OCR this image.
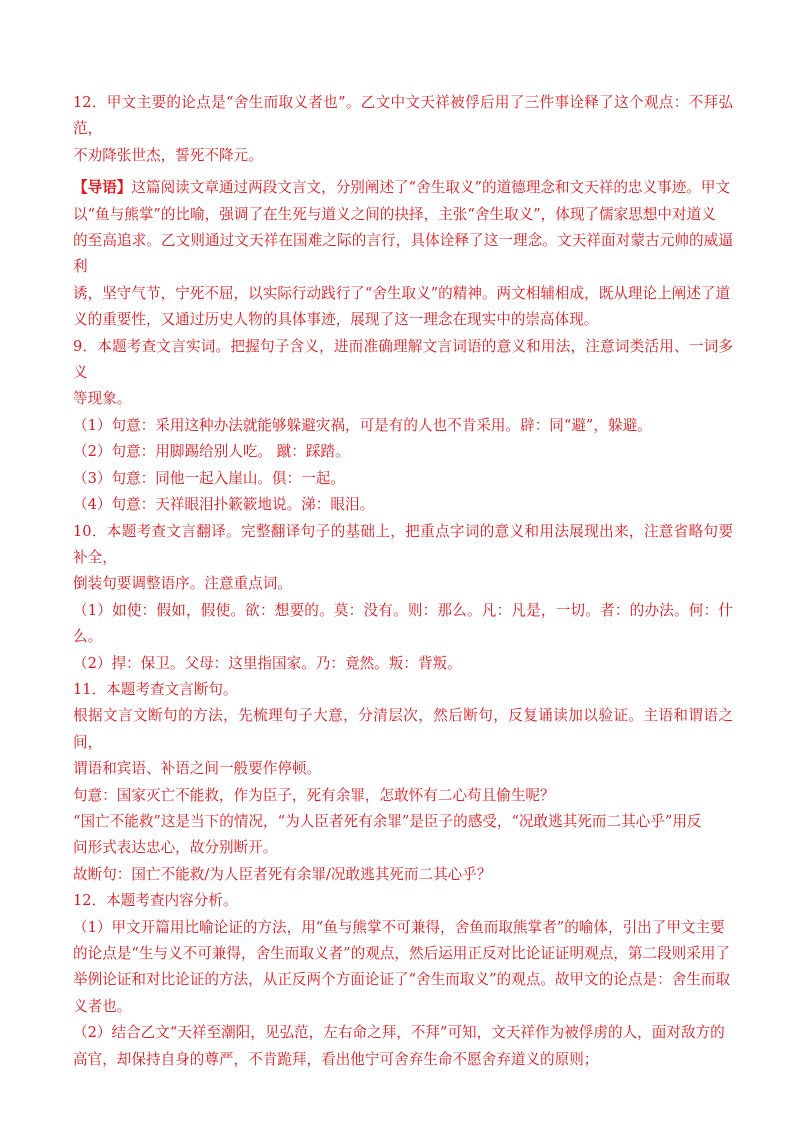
12．甲文主要的论点是“舍生而取义者也”。乙文中文天祥被俘后用了三件事诠释了这个观点：不拜弘范，
不劝降张世杰，誓死不降元。

【导语】这篇阅读文章通过两段文言文，分别阐述了“舍生取义”的道德理念和文天祥的忠义事迹。甲文
以“鱼与熊掌”的比喻，强调了在生死与道义之间的抉择，主张“舍生取义”，体现了儒家思想中对道义
的至高追求。乙文则通过文天祥在国难之际的言行，具体诠释了这一理念。文天祥面对蒙古元帅的威逼利
诱，坚守气节，宁死不屈，以实际行动践行了“舍生取义”的精神。两文相辅相成，既从理论上阐述了道
义的重要性，又通过历史人物的具体事迹，展现了这一理念在现实中的崇高体现。

9．本题考查文言实词。把握句子含义，进而准确理解文言词语的意义和用法，注意词类活用、一词多义
等现象。

（1）句意：采用这种办法就能够躲避灾祸，可是有的人也不肯采用。辟：同“避”，躲避。

（2）句意：用脚踢给别人吃。 蹴：踩踏。

（3）句意：同他一起入崖山。俱：一起。

（4）句意：天祥眼泪扑簌簌地说。涕：眼泪。

10．本题考查文言翻译。完整翻译句子的基础上，把重点字词的意义和用法展现出来，注意省略句要补全，
倒装句要调整语序。注意重点词。

（1）如使：假如，假使。欲：想要的。莫：没有。则：那么。凡：凡是，一切。者：的办法。何：什么。

（2）捍：保卫。父母：这里指国家。乃：竟然。叛：背叛。

11．本题考查文言断句。

根据文言文断句的方法，先梳理句子大意，分清层次，然后断句，反复诵读加以验证。主语和谓语之间，
谓语和宾语、补语之间一般要作停顿。

句意：国家灭亡不能救，作为臣子，死有余罪，怎敢怀有二心苟且偷生呢？

“国亡不能救”这是当下的情况，“为人臣者死有余罪”是臣子的感受，“况敢逃其死而二其心乎”用反
问形式表达忠心，故分别断开。

故断句：国亡不能救/为人臣者死有余罪/况敢逃其死而二其心乎？

12．本题考查内容分析。

（1）甲文开篇用比喻论证的方法，用“鱼与熊掌不可兼得，舍鱼而取熊掌者”的喻体，引出了甲文主要
的论点是“生与义不可兼得，舍生而取义者”的观点，然后运用正反对比论证证明观点，第二段则采用了
举例论证和对比论证的方法，从正反两个方面论证了“舍生而取义”的观点。故甲文的论点是：舍生而取
义者也。

（2）结合乙文“天祥至潮阳，见弘范，左右命之拜，不拜”可知，文天祥作为被俘虏的人，面对敌方的
高官，却保持自身的尊严，不肯跪拜，看出他宁可舍弃生命不愿舍弃道义的原则；
